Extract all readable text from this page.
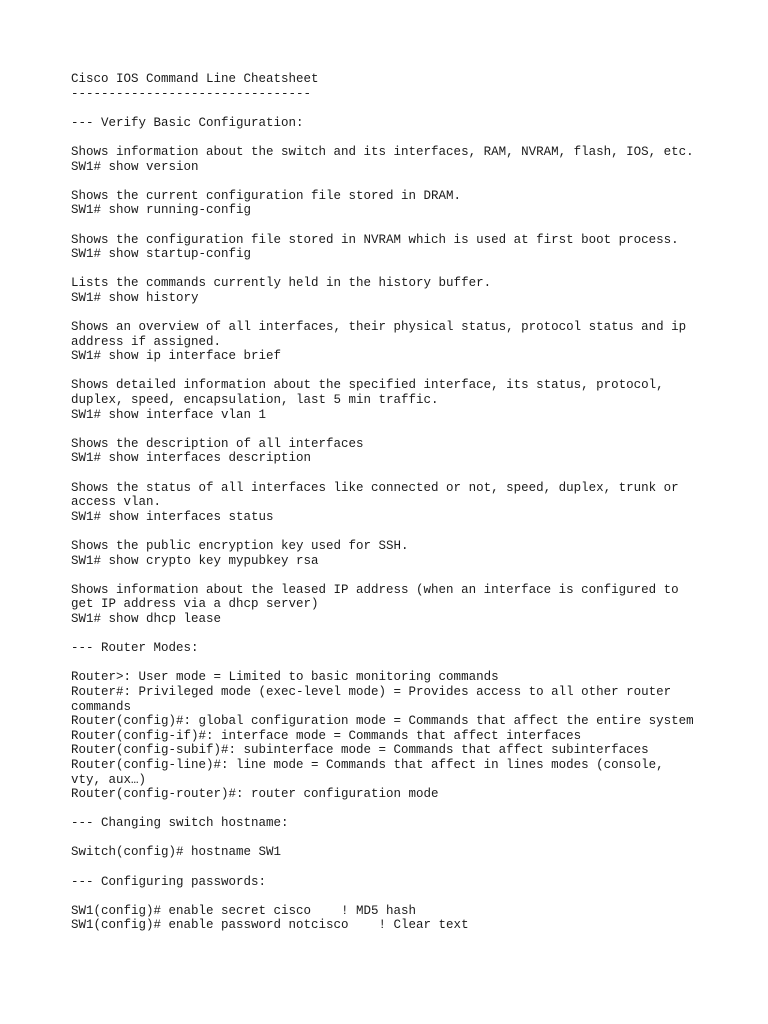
Cisco IOS Command Line Cheatsheet
--------------------------------
--- Verify Basic Configuration:
Shows information about the switch and its interfaces, RAM, NVRAM, flash, IOS, etc.
SW1# show version
Shows the current configuration file stored in DRAM.
SW1# show running-config
Shows the configuration file stored in NVRAM which is used at first boot process.
SW1# show startup-config
Lists the commands currently held in the history buffer.
SW1# show history
Shows an overview of all interfaces, their physical status, protocol status and ip
address if assigned.
SW1# show ip interface brief
Shows detailed information about the specified interface, its status, protocol,
duplex, speed, encapsulation, last 5 min traffic.
SW1# show interface vlan 1
Shows the description of all interfaces
SW1# show interfaces description
Shows the status of all interfaces like connected or not, speed, duplex, trunk or
access vlan.
SW1# show interfaces status
Shows the public encryption key used for SSH.
SW1# show crypto key mypubkey rsa
Shows information about the leased IP address (when an interface is configured to
get IP address via a dhcp server)
SW1# show dhcp lease
--- Router Modes:
Router>: User mode = Limited to basic monitoring commands
Router#: Privileged mode (exec-level mode) = Provides access to all other router
commands
Router(config)#: global configuration mode = Commands that affect the entire system
Router(config-if)#: interface mode = Commands that affect interfaces
Router(config-subif)#: subinterface mode = Commands that affect subinterfaces
Router(config-line)#: line mode = Commands that affect in lines modes (console,
vty, aux…)
Router(config-router)#: router configuration mode
--- Changing switch hostname:
Switch(config)# hostname SW1
--- Configuring passwords:
SW1(config)# enable secret cisco    ! MD5 hash
SW1(config)# enable password notcisco    ! Clear text
